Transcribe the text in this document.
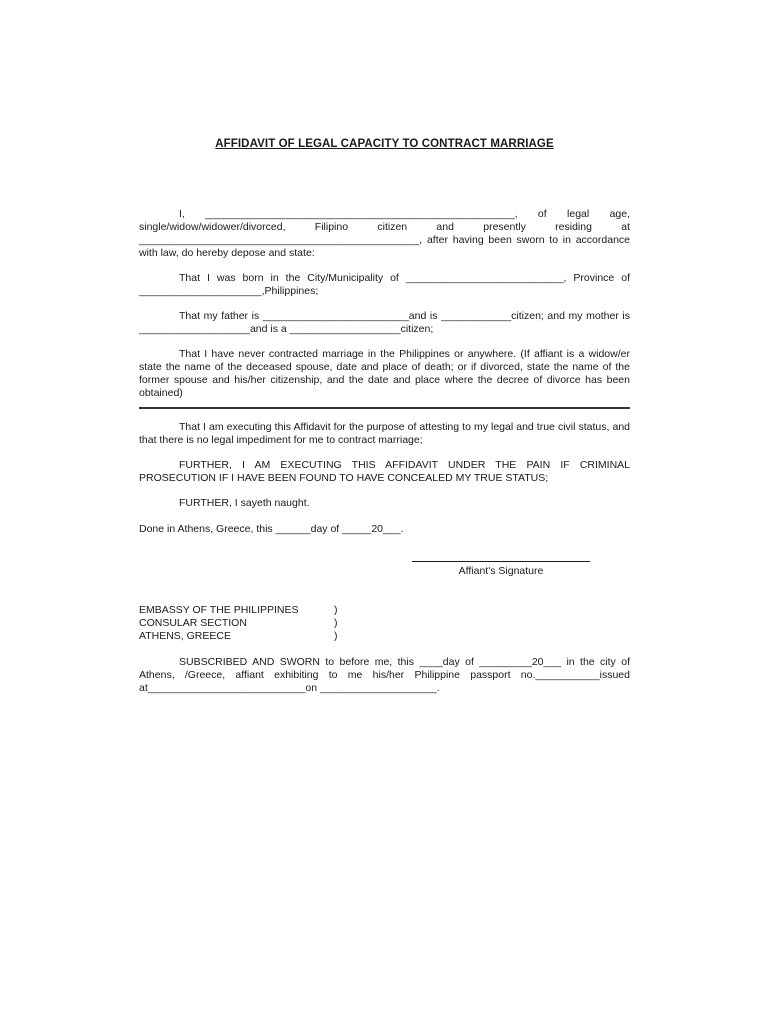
AFFIDAVIT OF LEGAL CAPACITY TO CONTRACT MARRIAGE

I, _____________________________________________________, of legal age, single/widow/widower/divorced, Filipino citizen and presently residing at ________________________________________________, after having been sworn to in accordance with law, do hereby depose and state:

That I was born in the City/Municipality of ___________________________, Province of _____________________,Philippines;

That my father is _________________________and is ____________citizen; and my mother is ___________________and is a ___________________citizen;

That I have never contracted marriage in the Philippines or anywhere. (If affiant is a widow/er state the name of the deceased spouse, date and place of death; or if divorced, state the name of the former spouse and his/her citizenship, and the date and place where the decree of divorce has been obtained)

That I am executing this Affidavit for the purpose of attesting to my legal and true civil status, and that there is no legal impediment for me to contract marriage;

FURTHER, I AM EXECUTING THIS AFFIDAVIT UNDER THE PAIN IF CRIMINAL PROSECUTION IF I HAVE BEEN FOUND TO HAVE CONCEALED MY TRUE STATUS;

FURTHER, I sayeth naught.

Done in Athens, Greece, this ______day of _____20___.

Affiant's Signature
EMBASSY OF THE PHILIPPINES	)
CONSULAR SECTION	)
ATHENS, GREECE	)

SUBSCRIBED AND SWORN to before me, this ____day of _________20___ in the city of Athens, /Greece, affiant exhibiting to me his/her Philippine passport no.___________issued at___________________________on ____________________.
